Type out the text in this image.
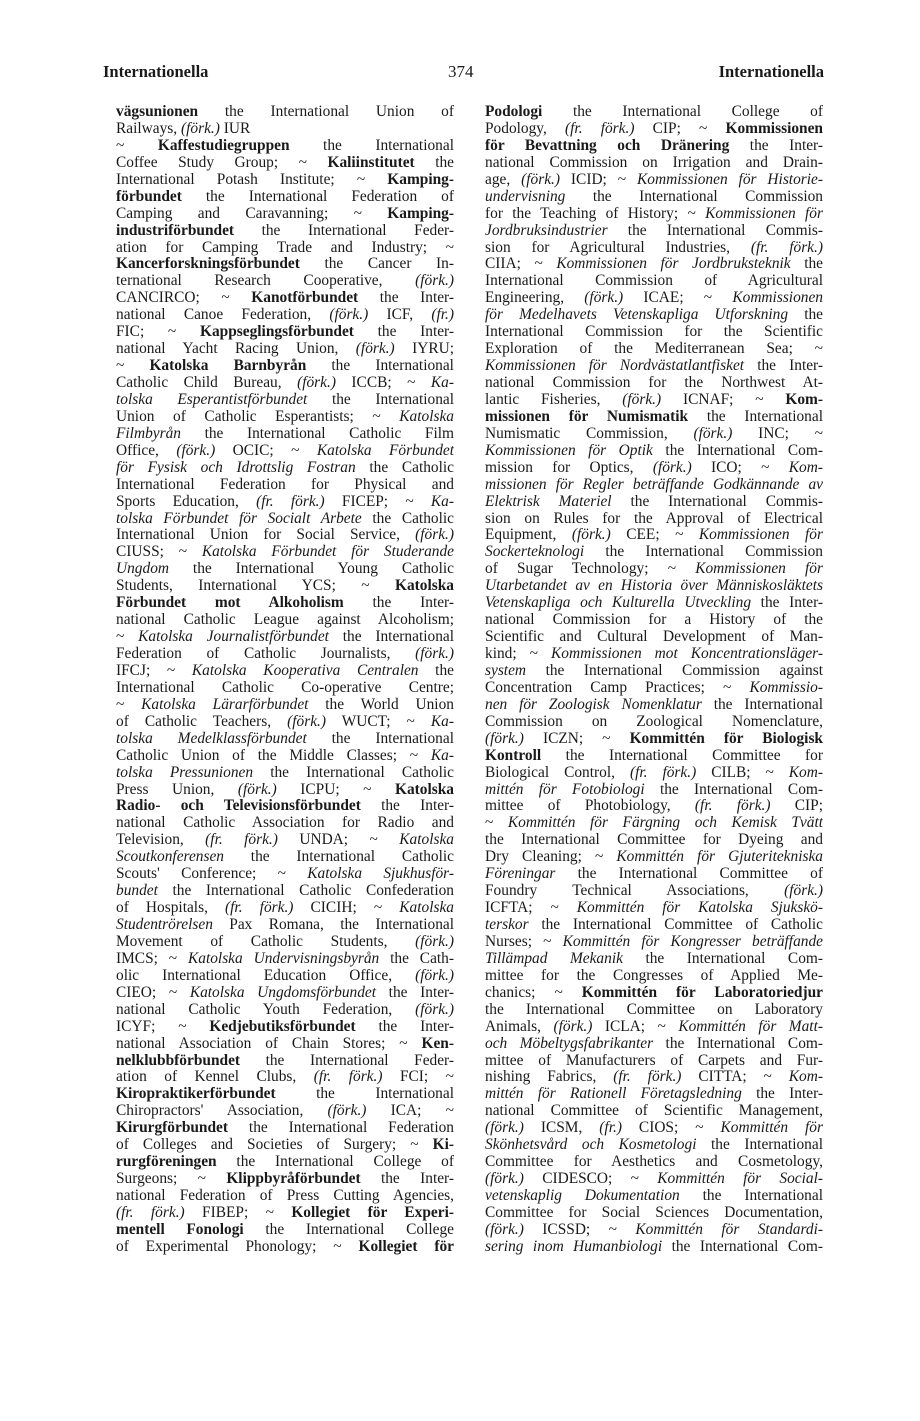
Internationella	374	Internationella
vägsunionen the International Union of
Railways, (förk.) IUR
~ Kaffestudiegruppen the International
Coffee Study Group; ~ Kaliinstitutet the
International Potash Institute; ~ Kamping-
förbundet the International Federation of
Camping and Caravanning; ~ Kamping-
industriförbundet the International Feder-
ation for Camping Trade and Industry; ~
Kancerforskningsförbundet the Cancer In-
ternational Research Cooperative, (förk.)
CANCIRCO; ~ Kanotförbundet the Inter-
national Canoe Federation, (förk.) ICF, (fr.)
FIC; ~ Kappseglingsförbundet the Inter-
national Yacht Racing Union, (förk.) IYRU;
~ Katolska Barnbyrån the International
Catholic Child Bureau, (förk.) ICCB; ~ Ka-
tolska Esperantistförbundet the International
Union of Catholic Esperantists; ~ Katolska
Filmbyrån the International Catholic Film
Office, (förk.) OCIC; ~ Katolska Förbundet
för Fysisk och Idrottslig Fostran the Catholic
International Federation for Physical and
Sports Education, (fr. förk.) FICEP; ~ Ka-
tolska Förbundet för Socialt Arbete the Catholic
International Union for Social Service, (förk.)
CIUSS; ~ Katolska Förbundet för Studerande
Ungdom the International Young Catholic
Students, International YCS; ~ Katolska
Förbundet mot Alkoholism the Inter-
national Catholic League against Alcoholism;
~ Katolska Journalistförbundet the International
Federation of Catholic Journalists, (förk.)
IFCJ; ~ Katolska Kooperativa Centralen the
International Catholic Co-operative Centre;
~ Katolska Lärarförbundet the World Union
of Catholic Teachers, (förk.) WUCT; ~ Ka-
tolska Medelklassförbundet the International
Catholic Union of the Middle Classes; ~ Ka-
tolska Pressunionen the International Catholic
Press Union, (förk.) ICPU; ~ Katolska
Radio- och Televisionsförbundet the Inter-
national Catholic Association for Radio and
Television, (fr. förk.) UNDA; ~ Katolska
Scoutkonferensen the International Catholic
Scouts' Conference; ~ Katolska Sjukhusför-
bundet the International Catholic Confederation
of Hospitals, (fr. förk.) CICIH; ~ Katolska
Studentrörelsen Pax Romana, the International
Movement of Catholic Students, (förk.)
IMCS; ~ Katolska Undervisningsbyrån the Cath-
olic International Education Office, (förk.)
CIEO; ~ Katolska Ungdomsförbundet the Inter-
national Catholic Youth Federation, (förk.)
ICYF; ~ Kedjebutiksförbundet the Inter-
national Association of Chain Stores; ~ Ken-
nelklubbförbundet the International Feder-
ation of Kennel Clubs, (fr. förk.) FCI; ~
Kiropraktikerförbundet the International
Chiropractors' Association, (förk.) ICA; ~
Kirurgförbundet the International Federation
of Colleges and Societies of Surgery; ~ Ki-
rurgföreningen the International College of
Surgeons; ~ Klippbyråförbundet the Inter-
national Federation of Press Cutting Agencies,
(fr. förk.) FIBEP; ~ Kollegiet för Experi-
mentell Fonologi the International College
of Experimental Phonology; ~ Kollegiet för
Podologi the International College of
Podology, (fr. förk.) CIP; ~ Kommissionen
för Bevattning och Dränering the Inter-
national Commission on Irrigation and Drain-
age, (förk.) ICID; ~ Kommissionen för Historie-
undervisning the International Commission
for the Teaching of History; ~ Kommissionen för
Jordbruksindustrier the International Commis-
sion for Agricultural Industries, (fr. förk.)
CIIA; ~ Kommissionen för Jordbruksteknik the
International Commission of Agricultural
Engineering, (förk.) ICAE; ~ Kommissionen
för Medelhavets Vetenskapliga Utforskning the
International Commission for the Scientific
Exploration of the Mediterranean Sea; ~
Kommissionen för Nordvästatlantfisket the Inter-
national Commission for the Northwest At-
lantic Fisheries, (förk.) ICNAF; ~ Kom-
missionen för Numismatik the International
Numismatic Commission, (förk.) INC; ~
Kommissionen för Optik the International Com-
mission for Optics, (förk.) ICO; ~ Kom-
missionen för Regler beträffande Godkännande av
Elektrisk Materiel the International Commis-
sion on Rules for the Approval of Electrical
Equipment, (förk.) CEE; ~ Kommissionen för
Sockerteknologi the International Commission
of Sugar Technology; ~ Kommissionen för
Utarbetandet av en Historia över Människosläktets
Vetenskapliga och Kulturella Utveckling the Inter-
national Commission for a History of the
Scientific and Cultural Development of Man-
kind; ~ Kommissionen mot Koncentrationsläger-
system the International Commission against
Concentration Camp Practices; ~ Kommissio-
nen för Zoologisk Nomenklatur the International
Commission on Zoological Nomenclature,
(förk.) ICZN; ~ Kommittén för Biologisk
Kontroll the International Committee for
Biological Control, (fr. förk.) CILB; ~ Kom-
mittén för Fotobiologi the International Com-
mittee of Photobiology, (fr. förk.) CIP;
~ Kommittén för Färgning och Kemisk Tvätt
the International Committee for Dyeing and
Dry Cleaning; ~ Kommittén för Gjuteritekniska
Föreningar the International Committee of
Foundry Technical Associations, (förk.)
ICFTA; ~ Kommittén för Katolska Sjukskö-
terskor the International Committee of Catholic
Nurses; ~ Kommittén för Kongresser beträffande
Tillämpad Mekanik the International Com-
mittee for the Congresses of Applied Me-
chanics; ~ Kommittén för Laboratoriedjur
the International Committee on Laboratory
Animals, (förk.) ICLA; ~ Kommittén för Matt-
och Möbeltygsfabrikanter the International Com-
mittee of Manufacturers of Carpets and Fur-
nishing Fabrics, (fr. förk.) CITTA; ~ Kom-
mittén för Rationell Företagsledning the Inter-
national Committee of Scientific Management,
(förk.) ICSM, (fr.) CIOS; ~ Kommittén för
Skönhetsvård och Kosmetologi the International
Committee for Aesthetics and Cosmetology,
(förk.) CIDESCO; ~ Kommittén för Social-
vetenskaplig Dokumentation the International
Committee for Social Sciences Documentation,
(förk.) ICSSD; ~ Kommittén för Standardi-
sering inom Humanbiologi the International Com-
